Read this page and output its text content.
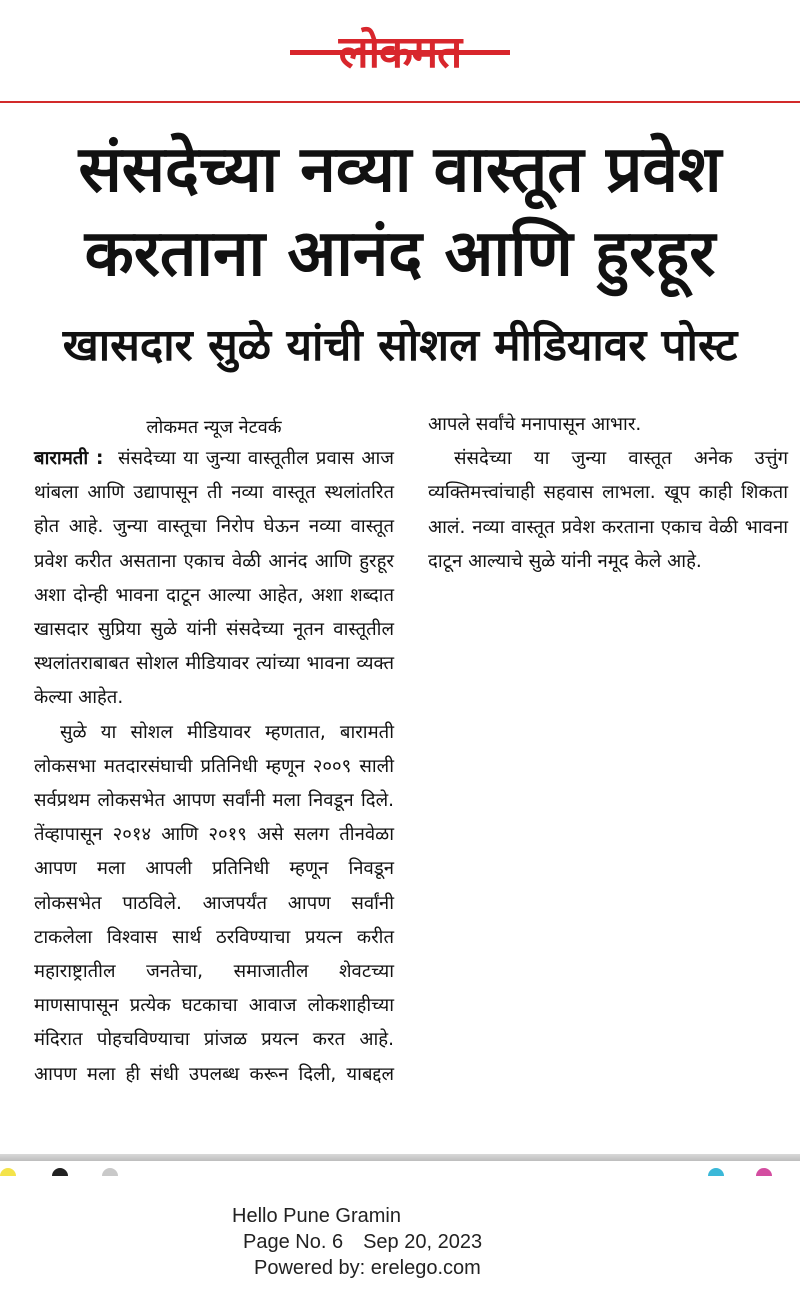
लोकमत
संसदेच्या नव्या वास्तूत प्रवेश
करताना आनंद आणि हुरहूर
खासदार सुळे यांची सोशल मीडियावर पोस्ट
लोकमत न्यूज नेटवर्क

बारामती : संसदेच्या या जुन्या वास्तूतील प्रवास आज थांबला आणि उद्यापासून ती नव्या वास्तूत स्थलांतरित होत आहे. जुन्या वास्तूचा निरोप घेऊन नव्या वास्तूत प्रवेश करीत असताना एकाच वेळी आनंद आणि हुरहूर अशा दोन्ही भावना दाटून आल्या आहेत, अशा शब्दात खासदार सुप्रिया सुळे यांनी संसदेच्या नूतन वास्तूतील स्थलांतराबाबत सोशल मीडियावर त्यांच्या भावना व्यक्त केल्या आहेत.

सुळे या सोशल मीडियावर म्हणतात, बारामती लोकसभा मतदारसंघाची प्रतिनिधी म्हणून २००९ साली सर्वप्रथम लोकसभेत आपण सर्वांनी मला निवडून दिले. तेंव्हापासून २०१४ आणि २०१९ असे सलग तीनवेळा आपण मला आपली प्रतिनिधी म्हणून निवडून लोकसभेत पाठविले. आजपर्यंत आपण सर्वांनी टाकलेला विश्वास सार्थ ठरविण्याचा प्रयत्न करीत महाराष्ट्रातील जनतेचा, समाजातील शेवटच्या माणसापासून प्रत्येक घटकाचा आवाज लोकशाहीच्या मंदिरात पोहचविण्याचा प्रांजळ प्रयत्न करत आहे. आपण मला ही संधी उपलब्ध करून दिली, याबद्दल

आपले सर्वांचे मनापासून आभार.

संसदेच्या या जुन्या वास्तूत अनेक उत्तुंग व्यक्तिमत्त्वांचाही सहवास लाभला. खूप काही शिकता आलं. नव्या वास्तूत प्रवेश करताना एकाच वेळी भावना दाटून आल्याचे सुळे यांनी नमूद केले आहे.

Hello Pune Gramin
Page No. 6 Sep 20, 2023
Powered by: erelego.com
